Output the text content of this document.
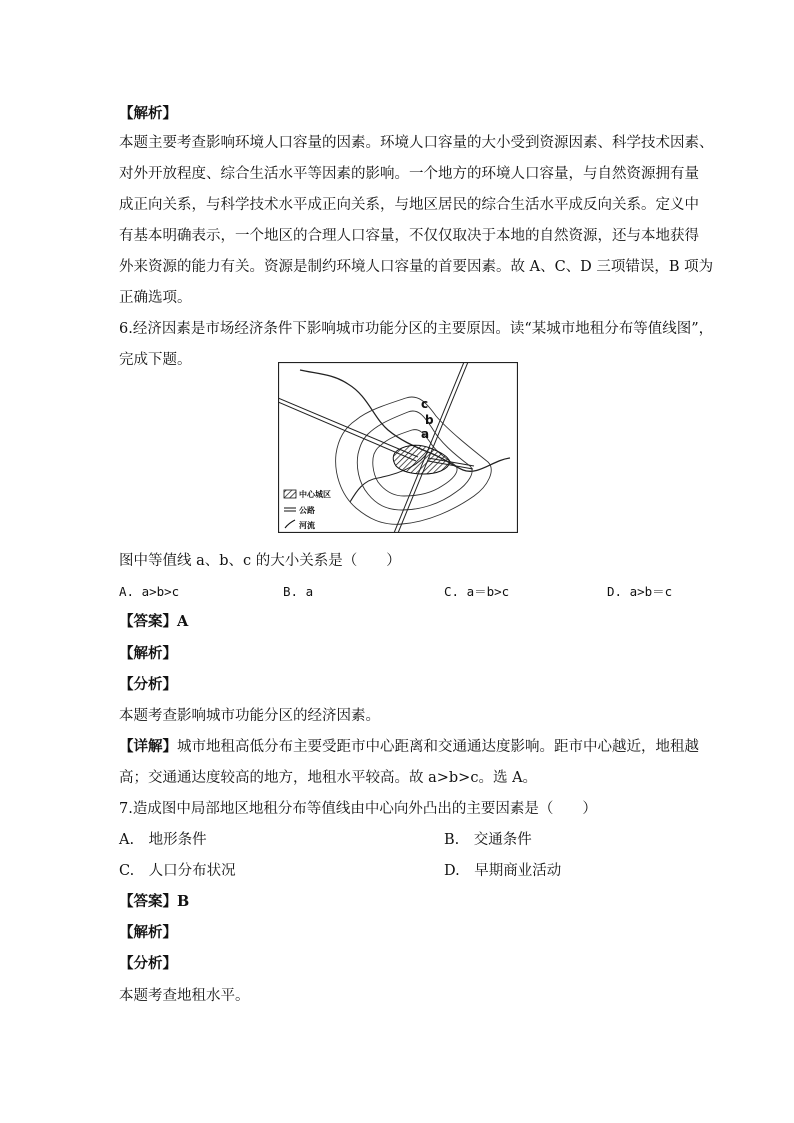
【解析】
本题主要考查影响环境人口容量的因素。环境人口容量的大小受到资源因素、科学技术因素、
对外开放程度、综合生活水平等因素的影响。一个地方的环境人口容量，与自然资源拥有量
成正向关系，与科学技术水平成正向关系，与地区居民的综合生活水平成反向关系。定义中
有基本明确表示，一个地区的合理人口容量，不仅仅取决于本地的自然资源，还与本地获得
外来资源的能力有关。资源是制约环境人口容量的首要因素。故 A、C、D 三项错误，B 项为
正确选项。
6.经济因素是市场经济条件下影响城市功能分区的主要原因。读“某城市地租分布等值线图”，
完成下题。
c
b
a
中心城区
公路
河流
图中等值线 a、b、c 的大小关系是（　　）
A. a>b>c	B. a	C. a＝b>c	D. a>b＝c
【答案】A
【解析】
【分析】
本题考查影响城市功能分区的经济因素。
【详解】城市地租高低分布主要受距市中心距离和交通通达度影响。距市中心越近，地租越
高；交通通达度较高的地方，地租水平较高。故 a>b>c。选 A。
7.造成图中局部地区地租分布等值线由中心向外凸出的主要因素是（　　）
A.　地形条件	B.　交通条件
C.　人口分布状况	D.　早期商业活动
【答案】B
【解析】
【分析】
本题考查地租水平。
